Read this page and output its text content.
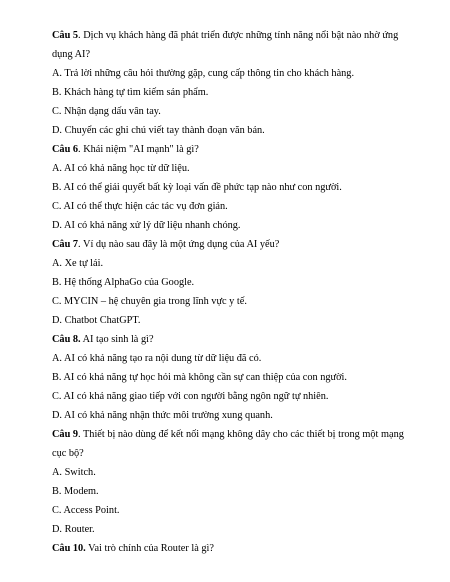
Câu 5. Dịch vụ khách hàng đã phát triển được những tính năng nổi bật nào nhờ ứng

dụng AI?

A. Trả lời những câu hỏi thường gặp, cung cấp thông tin cho khách hàng.

B. Khách hàng tự tìm kiếm sản phẩm.

C. Nhận dạng dấu vân tay.

D. Chuyển các ghi chú viết tay thành đoạn văn bản.

Câu 6. Khái niệm "AI mạnh" là gì?

A. AI có khả năng học từ dữ liệu.

B. AI có thể giải quyết bất kỳ loại vấn đề phức tạp nào như con người.

C. AI có thể thực hiện các tác vụ đơn giản.

D. AI có khả năng xử lý dữ liệu nhanh chóng.

Câu 7. Ví dụ nào sau đây là một ứng dụng của AI yếu?

A. Xe tự lái.

B. Hệ thống AlphaGo của Google.

C. MYCIN – hệ chuyên gia trong lĩnh vực y tế.

D. Chatbot ChatGPT.

Câu 8. AI tạo sinh là gì?

A. AI có khả năng tạo ra nội dung từ dữ liệu đã có.

B. AI có khả năng tự học hỏi mà không cần sự can thiệp của con người.

C. AI có khả năng giao tiếp với con người bằng ngôn ngữ tự nhiên.

D. AI có khả năng nhận thức môi trường xung quanh.

Câu 9. Thiết bị nào dùng để kết nối mạng không dây cho các thiết bị trong một mạng

cục bộ?

A. Switch.

B. Modem.

C. Access Point.

D. Router.

Câu 10. Vai trò chính của Router là gì?
